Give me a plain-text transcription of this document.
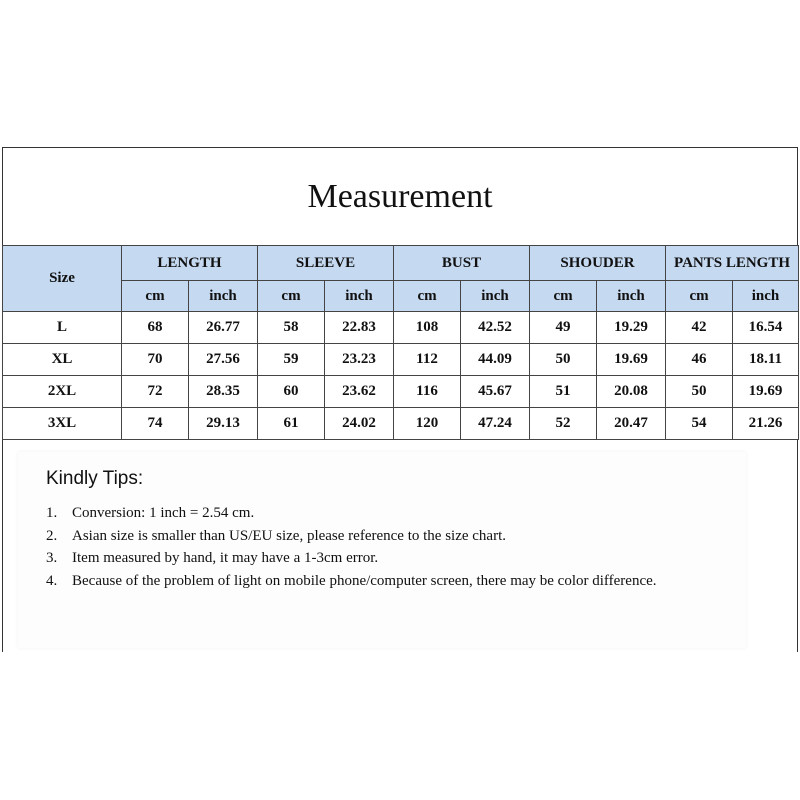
Measurement
Size	LENGTH		SLEEVE		BUST		SHOUDER		PANTS LENGTH	
	cm	inch	cm	inch	cm	inch	cm	inch	cm	inch
L	68	26.77	58	22.83	108	42.52	49	19.29	42	16.54
XL	70	27.56	59	23.23	112	44.09	50	19.69	46	18.11
2XL	72	28.35	60	23.62	116	45.67	51	20.08	50	19.69
3XL	74	29.13	61	24.02	120	47.24	52	20.47	54	21.26
Kindly Tips:
1. Conversion: 1 inch = 2.54 cm.
2. Asian size is smaller than US/EU size, please reference to the size chart.
3. Item measured by hand, it may have a 1-3cm error.
4. Because of the problem of light on mobile phone/computer screen, there may be color difference.
